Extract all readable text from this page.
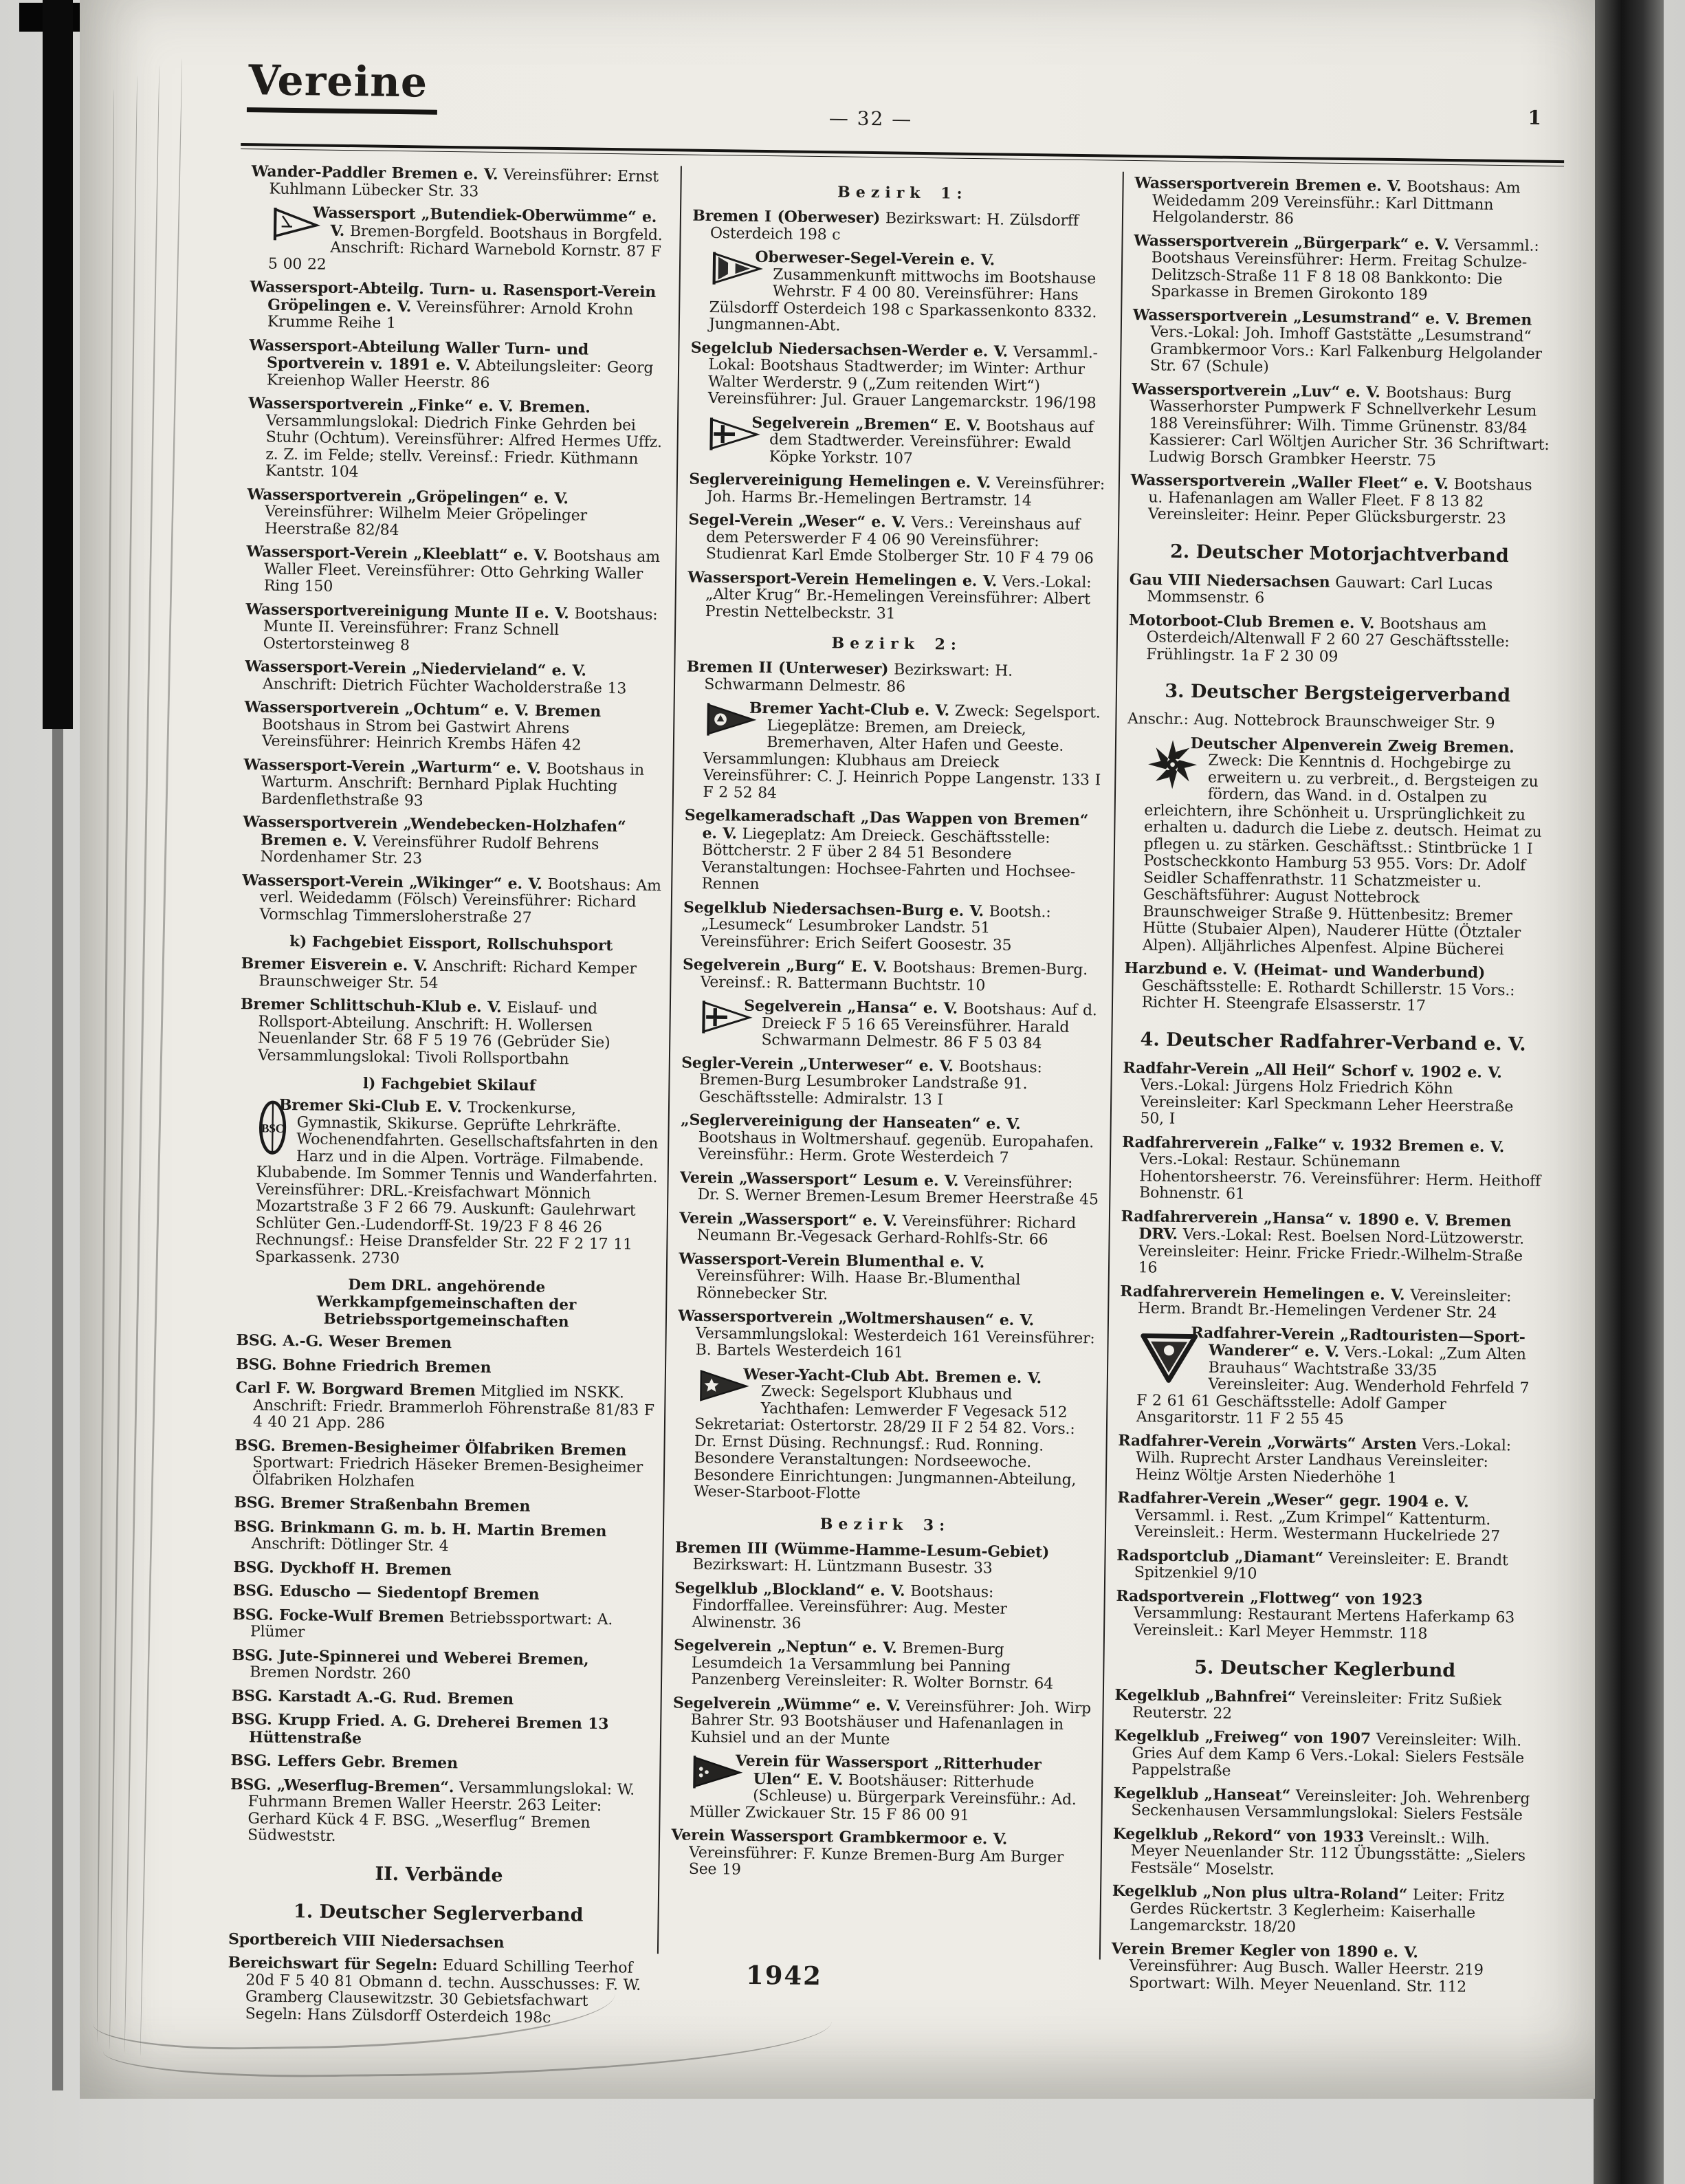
Vereine
— 32 —	1

Wander-Paddler Bremen e. V. Vereinsführer: Ernst Kuhlmann Lübecker Str. 33

Wassersport „Butendiek-Oberwümme“ e. V. Bremen-Borgfeld. Bootshaus in Borgfeld. Anschrift: Richard Warnebold Kornstr. 87 F 5 00 22

Wassersport-Abteilg. Turn- u. Rasensport-Verein Gröpelingen e. V. Vereinsführer: Arnold Krohn Krumme Reihe 1

Wassersport-Abteilung Waller Turn- und Sportverein v. 1891 e. V. Abteilungsleiter: Georg Kreienhop Waller Heerstr. 86

Wassersportverein „Finke“ e. V. Bremen. Versammlungslokal: Diedrich Finke Gehrden bei Stuhr (Ochtum). Vereinsführer: Alfred Hermes Uffz. z. Z. im Felde; stellv. Vereinsf.: Friedr. Küthmann Kantstr. 104

Wassersportverein „Gröpelingen“ e. V. Vereinsführer: Wilhelm Meier Gröpelinger Heerstraße 82/84

Wassersport-Verein „Kleeblatt“ e. V. Bootshaus am Waller Fleet. Vereinsführer: Otto Gehrking Waller Ring 150

Wassersportvereinigung Munte II e. V. Bootshaus: Munte II. Vereinsführer: Franz Schnell Ostertorsteinweg 8

Wassersport-Verein „Niedervieland“ e. V. Anschrift: Dietrich Füchter Wacholderstraße 13

Wassersportverein „Ochtum“ e. V. Bremen Bootshaus in Strom bei Gastwirt Ahrens Vereinsführer: Heinrich Krembs Häfen 42

Wassersport-Verein „Warturm“ e. V. Bootshaus in Warturm. Anschrift: Bernhard Piplak Huchting Bardenflethstraße 93

Wassersportverein „Wendebecken-Holzhafen“ Bremen e. V. Vereinsführer Rudolf Behrens Nordenhamer Str. 23

Wassersport-Verein „Wikinger“ e. V. Bootshaus: Am verl. Weidedamm (Fölsch) Vereinsführer: Richard Vormschlag Timmersloherstraße 27

k) Fachgebiet Eissport, Rollschuhsport

Bremer Eisverein e. V. Anschrift: Richard Kemper Braunschweiger Str. 54

Bremer Schlittschuh-Klub e. V. Eislauf- und Rollsport-Abteilung. Anschrift: H. Wollersen Neuenlander Str. 68 F 5 19 76 (Gebrüder Sie) Versammlungslokal: Tivoli Rollsportbahn

l) Fachgebiet Skilauf

BSC
Bremer Ski-Club E. V. Trockenkurse, Gymnastik, Skikurse. Geprüfte Lehrkräfte. Wochenendfahrten. Gesellschaftsfahrten in den Harz und in die Alpen. Vorträge. Filmabende. Klubabende. Im Sommer Tennis und Wanderfahrten. Vereinsführer: DRL.-Kreisfachwart Mönnich Mozartstraße 3 F 2 66 79. Auskunft: Gaulehrwart Schlüter Gen.-Ludendorff-St. 19/23 F 8 46 26 Rechnungsf.: Heise Dransfelder Str. 22 F 2 17 11 Sparkassenk. 2730

Dem DRL. angehörende Werkkampfgemeinschaften der Betriebssportgemeinschaften

BSG. A.-G. Weser Bremen

BSG. Bohne Friedrich Bremen

Carl F. W. Borgward Bremen Mitglied im NSKK. Anschrift: Friedr. Brammerloh Föhrenstraße 81/83 F 4 40 21 App. 286

BSG. Bremen-Besigheimer Ölfabriken Bremen Sportwart: Friedrich Häseker Bremen-Besigheimer Ölfabriken Holzhafen

BSG. Bremer Straßenbahn Bremen

BSG. Brinkmann G. m. b. H. Martin Bremen Anschrift: Dötlinger Str. 4

BSG. Dyckhoff H. Bremen

BSG. Eduscho — Siedentopf Bremen

BSG. Focke-Wulf Bremen Betriebssportwart: A. Plümer

BSG. Jute-Spinnerei und Weberei Bremen, Bremen Nordstr. 260

BSG. Karstadt A.-G. Rud. Bremen

BSG. Krupp Fried. A. G. Dreherei Bremen 13 Hüttenstraße

BSG. Leffers Gebr. Bremen

BSG. „Weserflug-Bremen“. Versammlungslokal: W. Fuhrmann Bremen Waller Heerstr. 263 Leiter: Gerhard Kück 4 F. BSG. „Weserflug“ Bremen Südweststr.

II. Verbände
1. Deutscher Seglerverband

Sportbereich VIII Niedersachsen

Bereichswart für Segeln: Eduard Schilling Teerhof 20d F 5 40 81 Obmann d. techn. Ausschusses: F. W. Gramberg Clausewitzstr. 30 Gebietsfachwart Segeln: Hans Zülsdorff Osterdeich 198c

Bezirk 1:

Bremen I (Oberweser) Bezirkswart: H. Zülsdorff Osterdeich 198 c

Oberweser-Segel-Verein e. V. Zusammenkunft mittwochs im Bootshause Wehrstr. F 4 00 80. Vereinsführer: Hans Zülsdorff Osterdeich 198 c Sparkassenkonto 8332. Jungmannen-Abt.

Segelclub Niedersachsen-Werder e. V. Versamml.-Lokal: Bootshaus Stadtwerder; im Winter: Arthur Walter Werderstr. 9 („Zum reitenden Wirt“) Vereinsführer: Jul. Grauer Langemarckstr. 196/198

Segelverein „Bremen“ E. V. Bootshaus auf dem Stadtwerder. Vereinsführer: Ewald Köpke Yorkstr. 107

Seglervereinigung Hemelingen e. V. Vereinsführer: Joh. Harms Br.-Hemelingen Bertramstr. 14

Segel-Verein „Weser“ e. V. Vers.: Vereinshaus auf dem Peterswerder F 4 06 90 Vereinsführer: Studienrat Karl Emde Stolberger Str. 10 F 4 79 06

Wassersport-Verein Hemelingen e. V. Vers.-Lokal: „Alter Krug“ Br.-Hemelingen Vereinsführer: Albert Prestin Nettelbeckstr. 31

Bezirk 2:

Bremen II (Unterweser) Bezirkswart: H. Schwarmann Delmestr. 86

Bremer Yacht-Club e. V. Zweck: Segelsport. Liegeplätze: Bremen, am Dreieck, Bremerhaven, Alter Hafen und Geeste. Versammlungen: Klubhaus am Dreieck Vereinsführer: C. J. Heinrich Poppe Langenstr. 133 I F 2 52 84

Segelkameradschaft „Das Wappen von Bremen“ e. V. Liegeplatz: Am Dreieck. Geschäftsstelle: Böttcherstr. 2 F über 2 84 51 Besondere Veranstaltungen: Hochsee-Fahrten und Hochsee-Rennen

Segelklub Niedersachsen-Burg e. V. Bootsh.: „Lesumeck“ Lesumbroker Landstr. 51 Vereinsführer: Erich Seifert Goosestr. 35

Segelverein „Burg“ E. V. Bootshaus: Bremen-Burg. Vereinsf.: R. Battermann Buchtstr. 10

Segelverein „Hansa“ e. V. Bootshaus: Auf d. Dreieck F 5 16 65 Vereinsführer. Harald Schwarmann Delmestr. 86 F 5 03 84

Segler-Verein „Unterweser“ e. V. Bootshaus: Bremen-Burg Lesumbroker Landstraße 91. Geschäftsstelle: Admiralstr. 13 I

„Seglervereinigung der Hanseaten“ e. V. Bootshaus in Woltmershauf. gegenüb. Europahafen. Vereinsführ.: Herm. Grote Westerdeich 7

Verein „Wassersport“ Lesum e. V. Vereinsführer: Dr. S. Werner Bremen-Lesum Bremer Heerstraße 45

Verein „Wassersport“ e. V. Vereinsführer: Richard Neumann Br.-Vegesack Gerhard-Rohlfs-Str. 66

Wassersport-Verein Blumenthal e. V. Vereinsführer: Wilh. Haase Br.-Blumenthal Rönnebecker Str.

Wassersportverein „Woltmershausen“ e. V. Versammlungslokal: Westerdeich 161 Vereinsführer: B. Bartels Westerdeich 161

Weser-Yacht-Club Abt. Bremen e. V. Zweck: Segelsport Klubhaus und Yachthafen: Lemwerder F Vegesack 512 Sekretariat: Ostertorstr. 28/29 II F 2 54 82. Vors.: Dr. Ernst Düsing. Rechnungsf.: Rud. Ronning. Besondere Veranstaltungen: Nordseewoche. Besondere Einrichtungen: Jungmannen-Abteilung, Weser-Starboot-Flotte

Bezirk 3:

Bremen III (Wümme-Hamme-Lesum-Gebiet) Bezirkswart: H. Lüntzmann Busestr. 33

Segelklub „Blockland“ e. V. Bootshaus: Findorffallee. Vereinsführer: Aug. Mester Alwinenstr. 36

Segelverein „Neptun“ e. V. Bremen-Burg Lesumdeich 1a Versammlung bei Panning Panzenberg Vereinsleiter: R. Wolter Bornstr. 64

Segelverein „Wümme“ e. V. Vereinsführer: Joh. Wirp Bahrer Str. 93 Bootshäuser und Hafenanlagen in Kuhsiel und an der Munte

Verein für Wassersport „Ritterhuder Ulen“ E. V. Bootshäuser: Ritterhude (Schleuse) u. Bürgerpark Vereinsführ.: Ad. Müller Zwickauer Str. 15 F 86 00 91

Verein Wassersport Grambkermoor e. V. Vereinsführer: F. Kunze Bremen-Burg Am Burger See 19

Wassersportverein Bremen e. V. Bootshaus: Am Weidedamm 209 Vereinsführ.: Karl Dittmann Helgolanderstr. 86

Wassersportverein „Bürgerpark“ e. V. Versamml.: Bootshaus Vereinsführer: Herm. Freitag Schulze-Delitzsch-Straße 11 F 8 18 08 Bankkonto: Die Sparkasse in Bremen Girokonto 189

Wassersportverein „Lesumstrand“ e. V. Bremen Vers.-Lokal: Joh. Imhoff Gaststätte „Lesumstrand“ Grambkermoor Vors.: Karl Falkenburg Helgolander Str. 67 (Schule)

Wassersportverein „Luv“ e. V. Bootshaus: Burg Wasserhorster Pumpwerk F Schnellverkehr Lesum 188 Vereinsführer: Wilh. Timme Grünenstr. 83/84 Kassierer: Carl Wöltjen Auricher Str. 36 Schriftwart: Ludwig Borsch Grambker Heerstr. 75

Wassersportverein „Waller Fleet“ e. V. Bootshaus u. Hafenanlagen am Waller Fleet. F 8 13 82 Vereinsleiter: Heinr. Peper Glücksburgerstr. 23

2. Deutscher Motorjachtverband

Gau VIII Niedersachsen Gauwart: Carl Lucas Mommsenstr. 6

Motorboot-Club Bremen e. V. Bootshaus am Osterdeich/Altenwall F 2 60 27 Geschäftsstelle: Frühlingstr. 1a F 2 30 09

3. Deutscher Bergsteigerverband

Anschr.: Aug. Nottebrock Braunschweiger Str. 9

Deutscher Alpenverein Zweig Bremen. Zweck: Die Kenntnis d. Hochgebirge zu erweitern u. zu verbreit., d. Bergsteigen zu fördern, das Wand. in d. Ostalpen zu erleichtern, ihre Schönheit u. Ursprünglichkeit zu erhalten u. dadurch die Liebe z. deutsch. Heimat zu pflegen u. zu stärken. Geschäftsst.: Stintbrücke 1 I Postscheckkonto Hamburg 53 955. Vors: Dr. Adolf Seidler Schaffenrathstr. 11 Schatzmeister u. Geschäftsführer: August Nottebrock Braunschweiger Straße 9. Hüttenbesitz: Bremer Hütte (Stubaier Alpen), Nauderer Hütte (Ötztaler Alpen). Alljährliches Alpenfest. Alpine Bücherei

Harzbund e. V. (Heimat- und Wanderbund) Geschäftsstelle: E. Rothardt Schillerstr. 15 Vors.: Richter H. Steengrafe Elsasserstr. 17

4. Deutscher Radfahrer-Verband e. V.

Radfahr-Verein „All Heil“ Schorf v. 1902 e. V. Vers.-Lokal: Jürgens Holz Friedrich Köhn Vereinsleiter: Karl Speckmann Leher Heerstraße 50, I

Radfahrerverein „Falke“ v. 1932 Bremen e. V. Vers.-Lokal: Restaur. Schünemann Hohentorsheerstr. 76. Vereinsführer: Herm. Heithoff Bohnenstr. 61

Radfahrerverein „Hansa“ v. 1890 e. V. Bremen DRV. Vers.-Lokal: Rest. Boelsen Nord-Lützowerstr. Vereinsleiter: Heinr. Fricke Friedr.-Wilhelm-Straße 16

Radfahrerverein Hemelingen e. V. Vereinsleiter: Herm. Brandt Br.-Hemelingen Verdener Str. 24

Radfahrer-Verein „Radtouristen—Sport-Wanderer“ e. V. Vers.-Lokal: „Zum Alten Brauhaus“ Wachtstraße 33/35 Vereinsleiter: Aug. Wenderhold Fehrfeld 7 F 2 61 61 Geschäftsstelle: Adolf Gamper Ansgaritorstr. 11 F 2 55 45

Radfahrer-Verein „Vorwärts“ Arsten Vers.-Lokal: Wilh. Ruprecht Arster Landhaus Vereinsleiter: Heinz Wöltje Arsten Niederhöhe 1

Radfahrer-Verein „Weser“ gegr. 1904 e. V. Versamml. i. Rest. „Zum Krimpel“ Kattenturm. Vereinsleit.: Herm. Westermann Huckelriede 27

Radsportclub „Diamant“ Vereinsleiter: E. Brandt Spitzenkiel 9/10

Radsportverein „Flottweg“ von 1923 Versammlung: Restaurant Mertens Haferkamp 63 Vereinsleit.: Karl Meyer Hemmstr. 118

5. Deutscher Keglerbund

Kegelklub „Bahnfrei“ Vereinsleiter: Fritz Sußiek Reuterstr. 22

Kegelklub „Freiweg“ von 1907 Vereinsleiter: Wilh. Gries Auf dem Kamp 6 Vers.-Lokal: Sielers Festsäle Pappelstraße

Kegelklub „Hanseat“ Vereinsleiter: Joh. Wehrenberg Seckenhausen Versammlungslokal: Sielers Festsäle

Kegelklub „Rekord“ von 1933 Vereinslt.: Wilh. Meyer Neuenlander Str. 112 Übungsstätte: „Sielers Festsäle“ Moselstr.

Kegelklub „Non plus ultra-Roland“ Leiter: Fritz Gerdes Rückertstr. 3 Keglerheim: Kaiserhalle Langemarckstr. 18/20

Verein Bremer Kegler von 1890 e. V. Vereinsführer: Aug Busch. Waller Heerstr. 219 Sportwart: Wilh. Meyer Neuenland. Str. 112

1942
